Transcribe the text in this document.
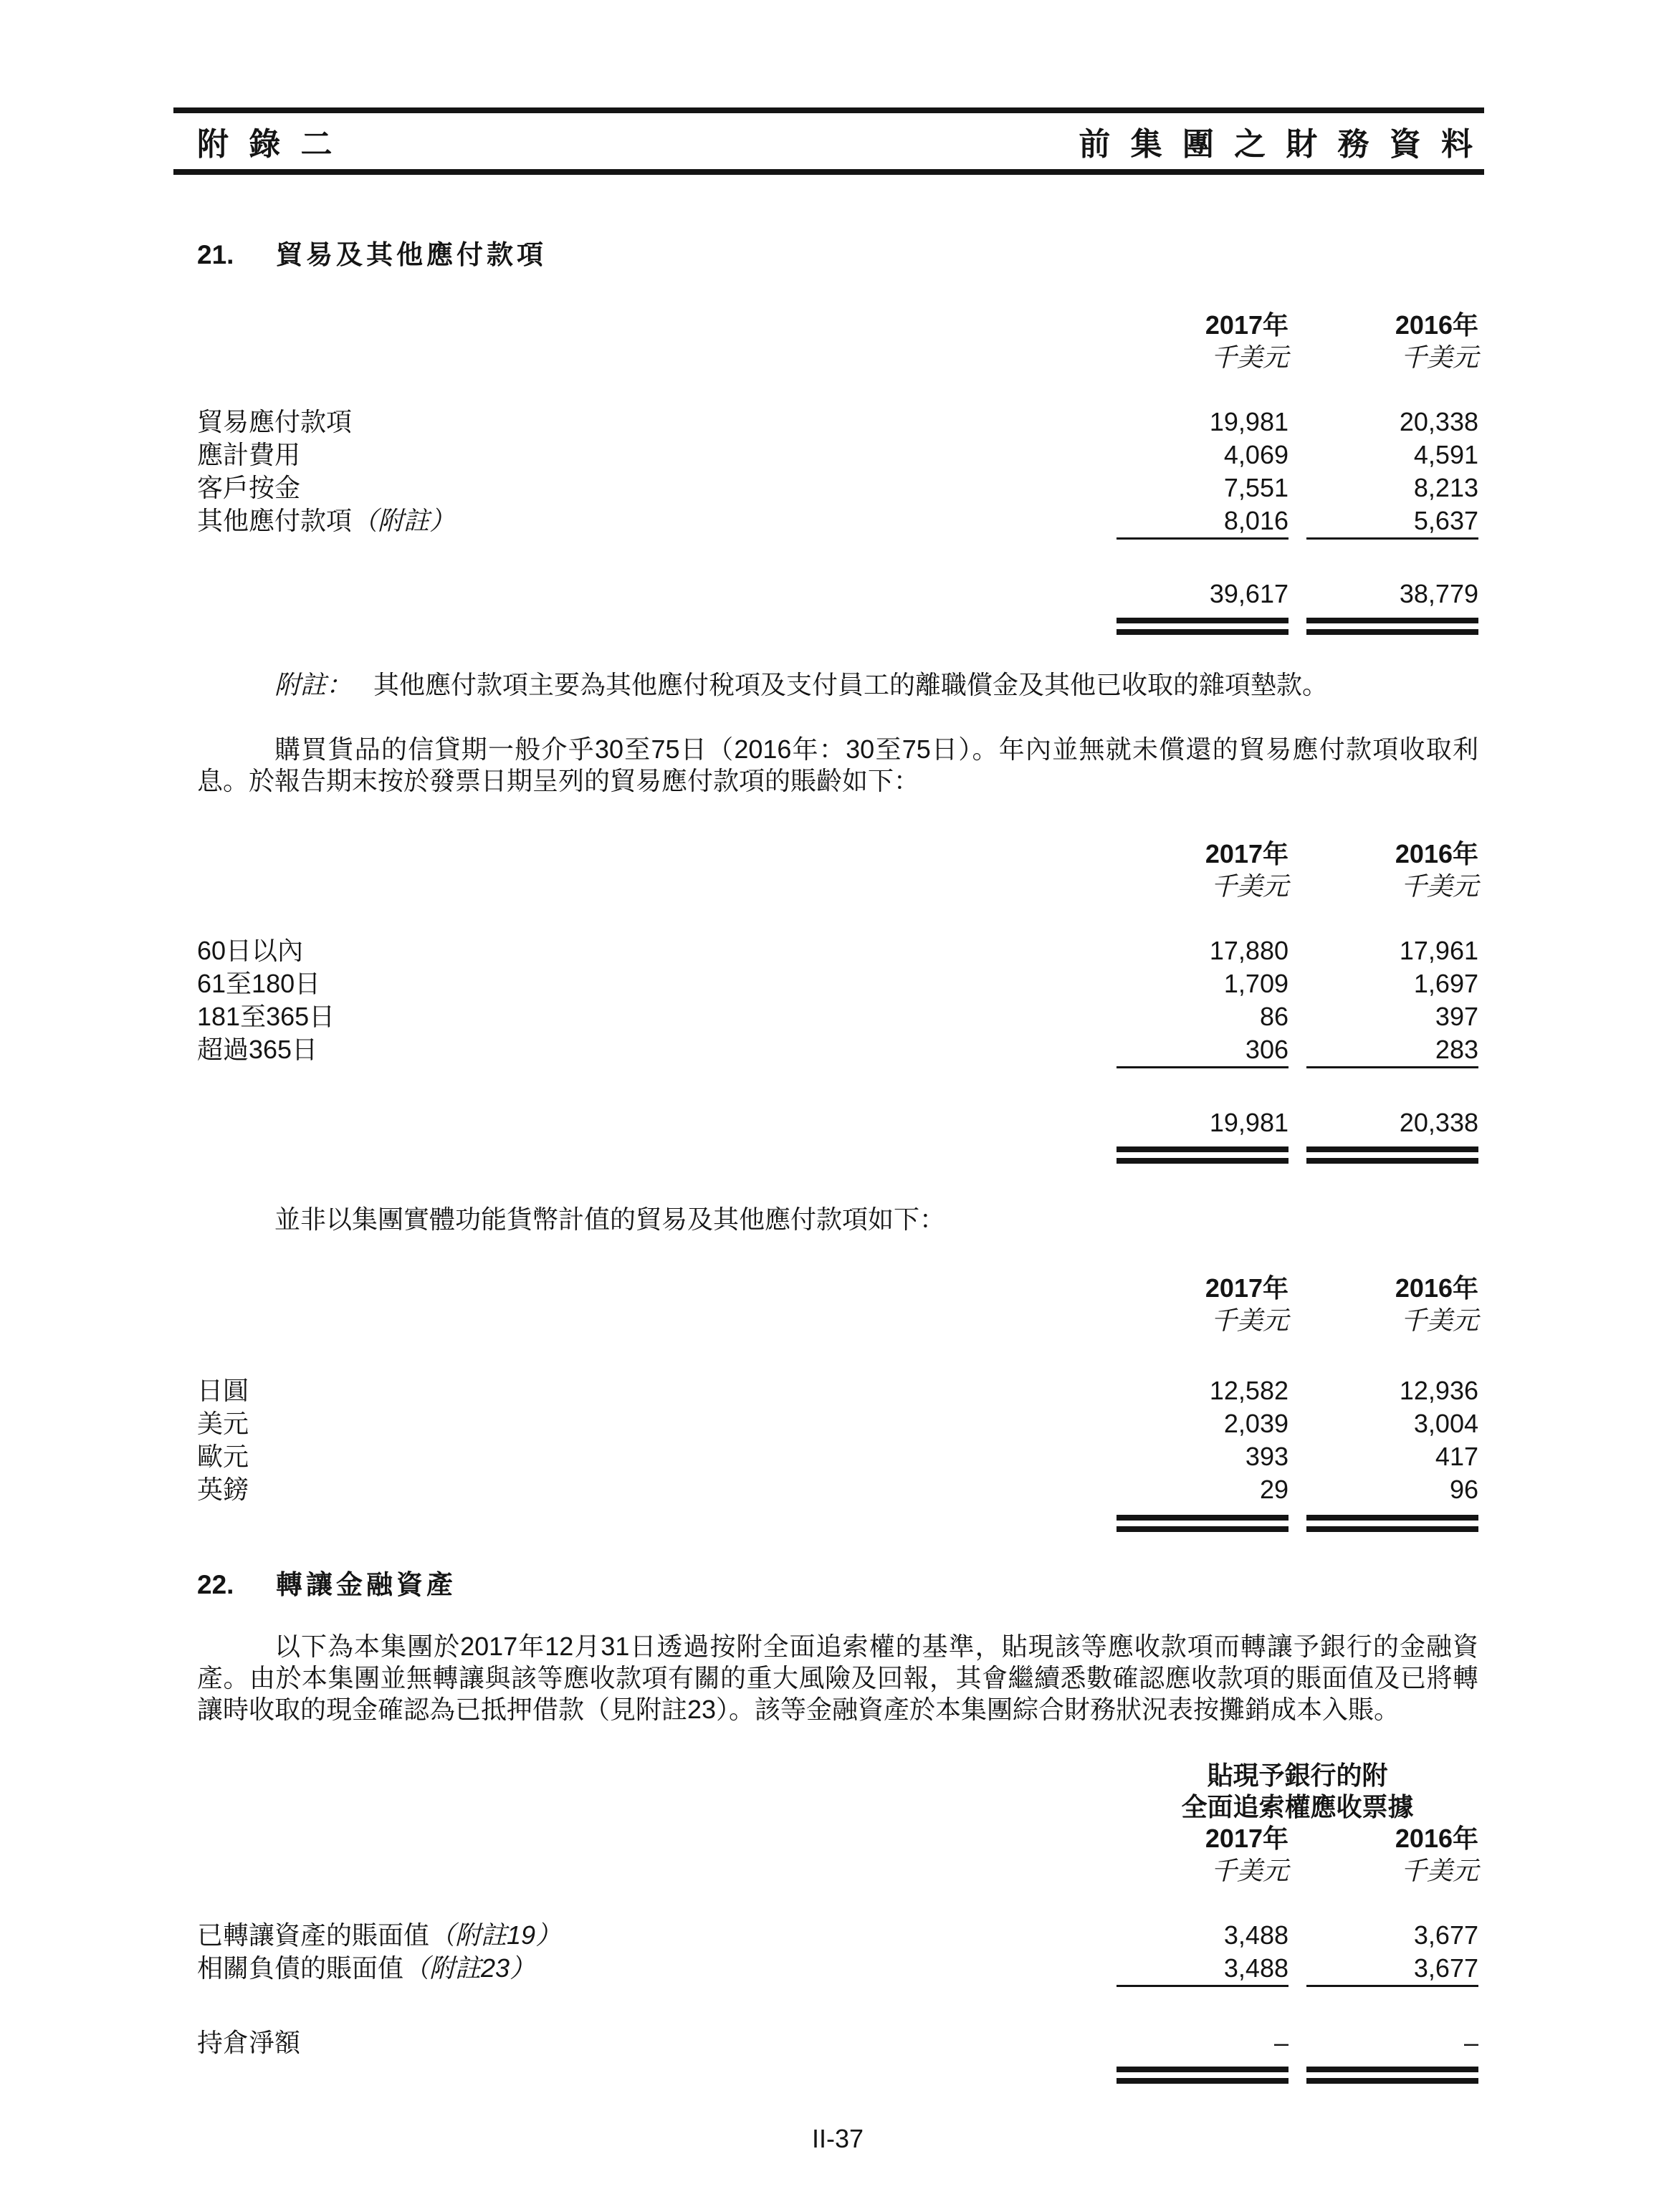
附 錄 二	前 集 團 之 財 務 資 料
21.	貿易及其他應付款項
2017年	2016年
千美元	千美元
貿易應付款項	19,981	20,338
應計費用	4,069	4,591
客戶按金	7,551	8,213
其他應付款項（附註）	8,016	5,637
39,617	38,779
附註： 其他應付款項主要為其他應付稅項及支付員工的離職償金及其他已收取的雜項墊款。

購買貨品的信貸期一般介乎30至75日（2016年：30至75日）。年內並無就未償還的貿易應付款項收取利息。於報告期末按於發票日期呈列的貿易應付款項的賬齡如下：

2017年	2016年
千美元	千美元
60日以內	17,880	17,961
61至180日	1,709	1,697
181至365日	86	397
超過365日	306	283
19,981	20,338

並非以集團實體功能貨幣計值的貿易及其他應付款項如下：

2017年	2016年
千美元	千美元
日圓	12,582	12,936
美元	2,039	3,004
歐元	393	417
英鎊	29	96
22.	轉讓金融資產

以下為本集團於2017年12月31日透過按附全面追索權的基準，貼現該等應收款項而轉讓予銀行的金融資產。由於本集團並無轉讓與該等應收款項有關的重大風險及回報，其會繼續悉數確認應收款項的賬面值及已將轉讓時收取的現金確認為已抵押借款（見附註23）。該等金融資產於本集團綜合財務狀況表按攤銷成本入賬。

貼現予銀行的附
全面追索權應收票據
2017年	2016年
千美元	千美元
已轉讓資產的賬面值（附註19）	3,488	3,677
相關負債的賬面值（附註23）	3,488	3,677
持倉淨額	–	–
II-37
